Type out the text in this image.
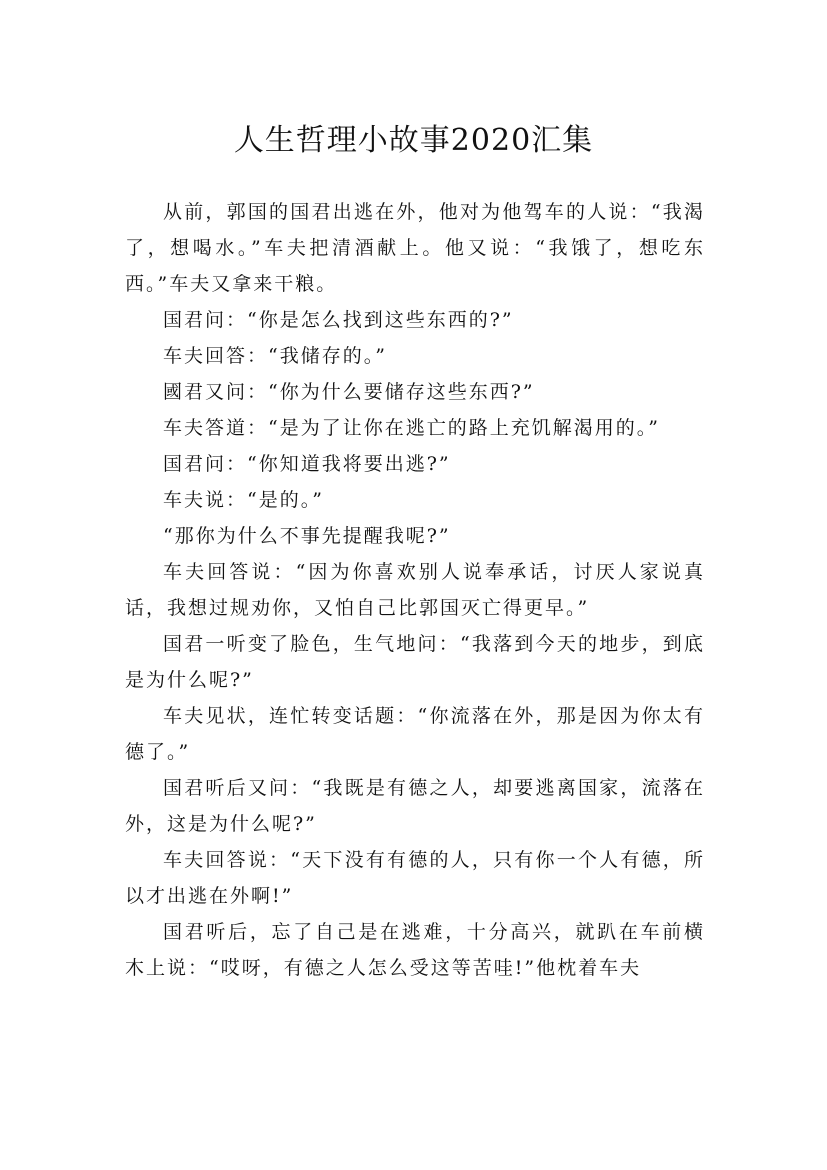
人生哲理小故事2020汇集

从前，郭国的国君出逃在外，他对为他驾车的人说：“我渴了，想喝水。”车夫把清酒献上。他又说：“我饿了，想吃东西。”车夫又拿来干粮。

国君问：“你是怎么找到这些东西的?”

车夫回答：“我储存的。”

國君又问：“你为什么要储存这些东西?”

车夫答道：“是为了让你在逃亡的路上充饥解渴用的。”

国君问：“你知道我将要出逃?”

车夫说：“是的。”

“那你为什么不事先提醒我呢?”

车夫回答说：“因为你喜欢别人说奉承话，讨厌人家说真话，我想过规劝你，又怕自己比郭国灭亡得更早。”

国君一听变了脸色，生气地问：“我落到今天的地步，到底是为什么呢?”

车夫见状，连忙转变话题：“你流落在外，那是因为你太有德了。”

国君听后又问：“我既是有德之人，却要逃离国家，流落在外，这是为什么呢?”

车夫回答说：“天下没有有德的人，只有你一个人有德，所以才出逃在外啊!”

国君听后，忘了自己是在逃难，十分高兴，就趴在车前横木上说：“哎呀，有德之人怎么受这等苦哇!”他枕着车夫
